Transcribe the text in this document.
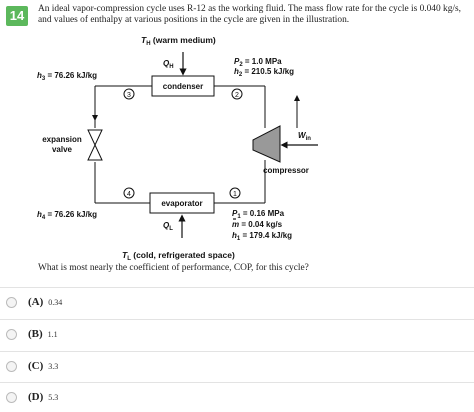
14	An ideal vapor-compression cycle uses R-12 as the working fluid. The mass flow rate for the cycle is 0.040 kg/s, and values of enthalpy at various positions in the cycle are given in the illustration.
condenser
evaporator
expansion
valve
compressor
$T_H$ (warm medium)
$Q_H$
$T_L$ (cold, refrigerated space)
$Q_L$
$W_{in}$
$h_3 = 76.26$ kJ/kg
$h_4 = 76.26$ kJ/kg
$P_2 = 1.0$ MPa
$h_2 = 210.5$ kJ/kg
$P_1 = 0.16$ MPa
m = 0.04 kg/s
$h_1 = 179.4$ kJ/kg
3	2
4	1
What is most nearly the coefficient of performance, COP, for this cycle?
(A) 0.34
(B) 1.1
(C) 3.3
(D) 5.3
